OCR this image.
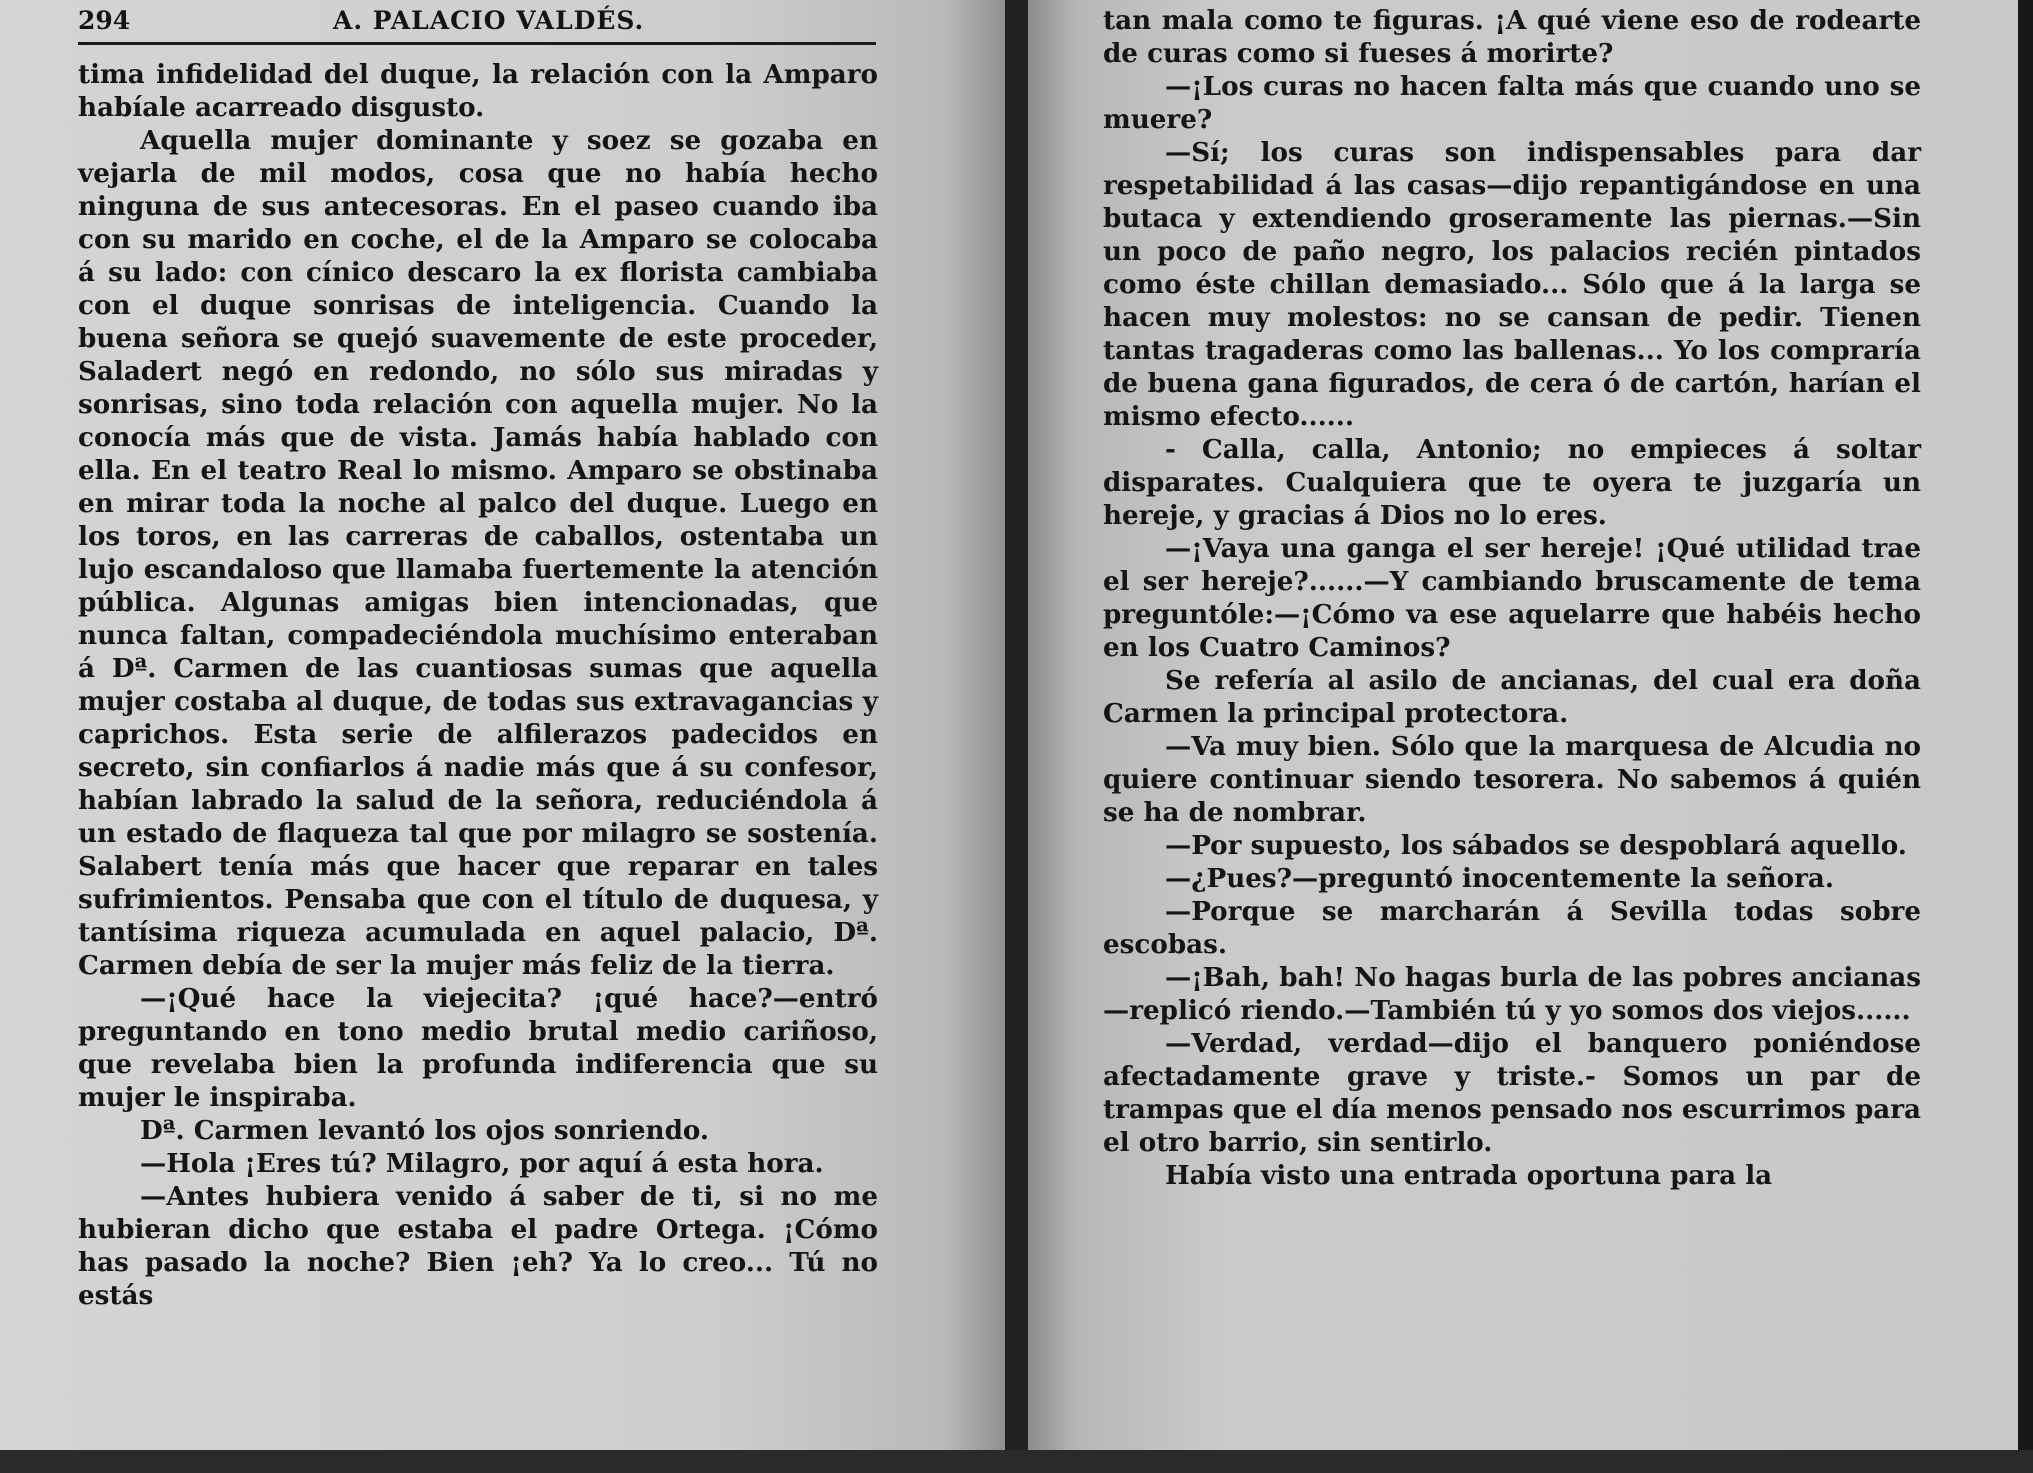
294	A. PALACIO VALDÉS.

tima infidelidad del duque, la relación con la Amparo habíale acarreado disgusto.

Aquella mujer dominante y soez se gozaba en vejarla de mil modos, cosa que no había hecho ninguna de sus antecesoras. En el paseo cuando iba con su marido en coche, el de la Amparo se colocaba á su lado: con cínico descaro la ex florista cambiaba con el duque sonrisas de inteligencia. Cuando la buena señora se quejó suavemente de este proceder, Saladert negó en redondo, no sólo sus miradas y sonrisas, sino toda relación con aquella mujer. No la conocía más que de vista. Jamás había hablado con ella. En el teatro Real lo mismo. Amparo se obstinaba en mirar toda la noche al palco del duque. Luego en los toros, en las carreras de caballos, ostentaba un lujo escandaloso que llamaba fuertemente la atención pública. Algunas amigas bien intencionadas, que nunca faltan, compadeciéndola muchísimo enteraban á Dª. Carmen de las cuantiosas sumas que aquella mujer costaba al duque, de todas sus extravagancias y caprichos. Esta serie de alfilerazos padecidos en secreto, sin confiarlos á nadie más que á su confesor, habían labrado la salud de la señora, reduciéndola á un estado de flaqueza tal que por milagro se sostenía. Salabert tenía más que hacer que reparar en tales sufrimientos. Pensaba que con el título de duquesa, y tantísima riqueza acumulada en aquel palacio, Dª. Carmen debía de ser la mujer más feliz de la tierra.

—¡Qué hace la viejecita? ¡qué hace?—entró preguntando en tono medio brutal medio cariñoso, que revelaba bien la profunda indiferencia que su mujer le inspiraba.

Dª. Carmen levantó los ojos sonriendo.

—Hola ¡Eres tú? Milagro, por aquí á esta hora.

—Antes hubiera venido á saber de ti, si no me hubieran dicho que estaba el padre Ortega. ¡Cómo has pasado la noche? Bien ¡eh? Ya lo creo... Tú no estás

tan mala como te figuras. ¡A qué viene eso de rodearte de curas como si fueses á morirte?

—¡Los curas no hacen falta más que cuando uno se muere?

—Sí; los curas son indispensables para dar respetabilidad á las casas—dijo repantigándose en una butaca y extendiendo groseramente las piernas.—Sin un poco de paño negro, los palacios recién pintados como éste chillan demasiado... Sólo que á la larga se hacen muy molestos: no se cansan de pedir. Tienen tantas tragaderas como las ballenas... Yo los compraría de buena gana figurados, de cera ó de cartón, harían el mismo efecto......

- Calla, calla, Antonio; no empieces á soltar disparates. Cualquiera que te oyera te juzgaría un hereje, y gracias á Dios no lo eres.

—¡Vaya una ganga el ser hereje! ¡Qué utilidad trae el ser hereje?......—Y cambiando bruscamente de tema preguntóle:—¡Cómo va ese aquelarre que habéis hecho en los Cuatro Caminos?

Se refería al asilo de ancianas, del cual era doña Carmen la principal protectora.

—Va muy bien. Sólo que la marquesa de Alcudia no quiere continuar siendo tesorera. No sabemos á quién se ha de nombrar.

—Por supuesto, los sábados se despoblará aquello.

—¿Pues?—preguntó inocentemente la señora.

—Porque se marcharán á Sevilla todas sobre escobas.

—¡Bah, bah! No hagas burla de las pobres ancianas—replicó riendo.—También tú y yo somos dos viejos......

—Verdad, verdad—dijo el banquero poniéndose afectadamente grave y triste.- Somos un par de trampas que el día menos pensado nos escurrimos para el otro barrio, sin sentirlo.

Había visto una entrada oportuna para la
